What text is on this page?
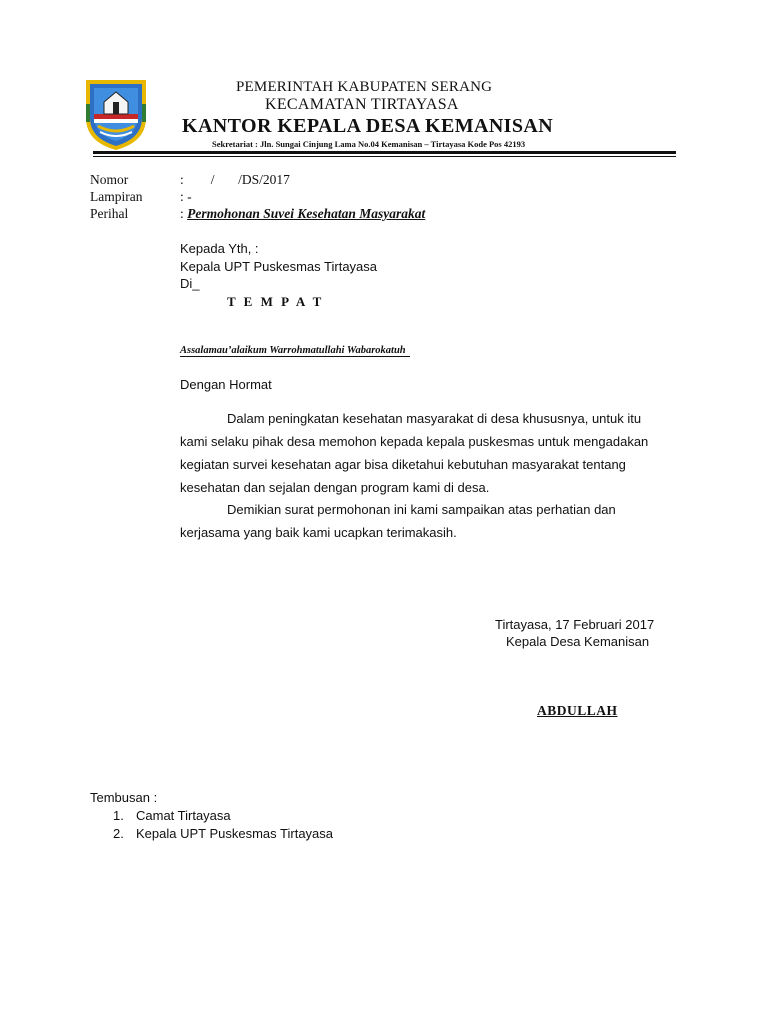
PEMERINTAH KABUPATEN SERANG
KECAMATAN TIRTAYASA
KANTOR KEPALA DESA KEMANISAN
Sekretariat : Jln. Sungai Cinjung Lama No.04 Kemanisan – Tirtayasa Kode Pos 42193
Nomor	:        /       /DS/2017
Lampiran	: -
Perihal	: Permohonan Suvei Kesehatan Masyarakat
Kepada Yth, :
Kepala UPT Puskesmas Tirtayasa
Di_
T E M P A T
Assalamau’alaikum Warrohmatullahi Wabarokatuh
Dengan Hormat
Dalam peningkatan kesehatan masyarakat di desa khususnya, untuk itu
kami selaku pihak desa memohon kepada kepala puskesmas untuk mengadakan
kegiatan survei kesehatan agar bisa diketahui kebutuhan masyarakat tentang
kesehatan dan sejalan dengan program kami di desa.
Demikian surat permohonan ini kami sampaikan atas perhatian dan
kerjasama yang baik kami ucapkan terimakasih.
Tirtayasa, 17 Februari 2017
Kepala Desa Kemanisan
ABDULLAH
Tembusan :
1. Camat Tirtayasa
2. Kepala UPT Puskesmas Tirtayasa
